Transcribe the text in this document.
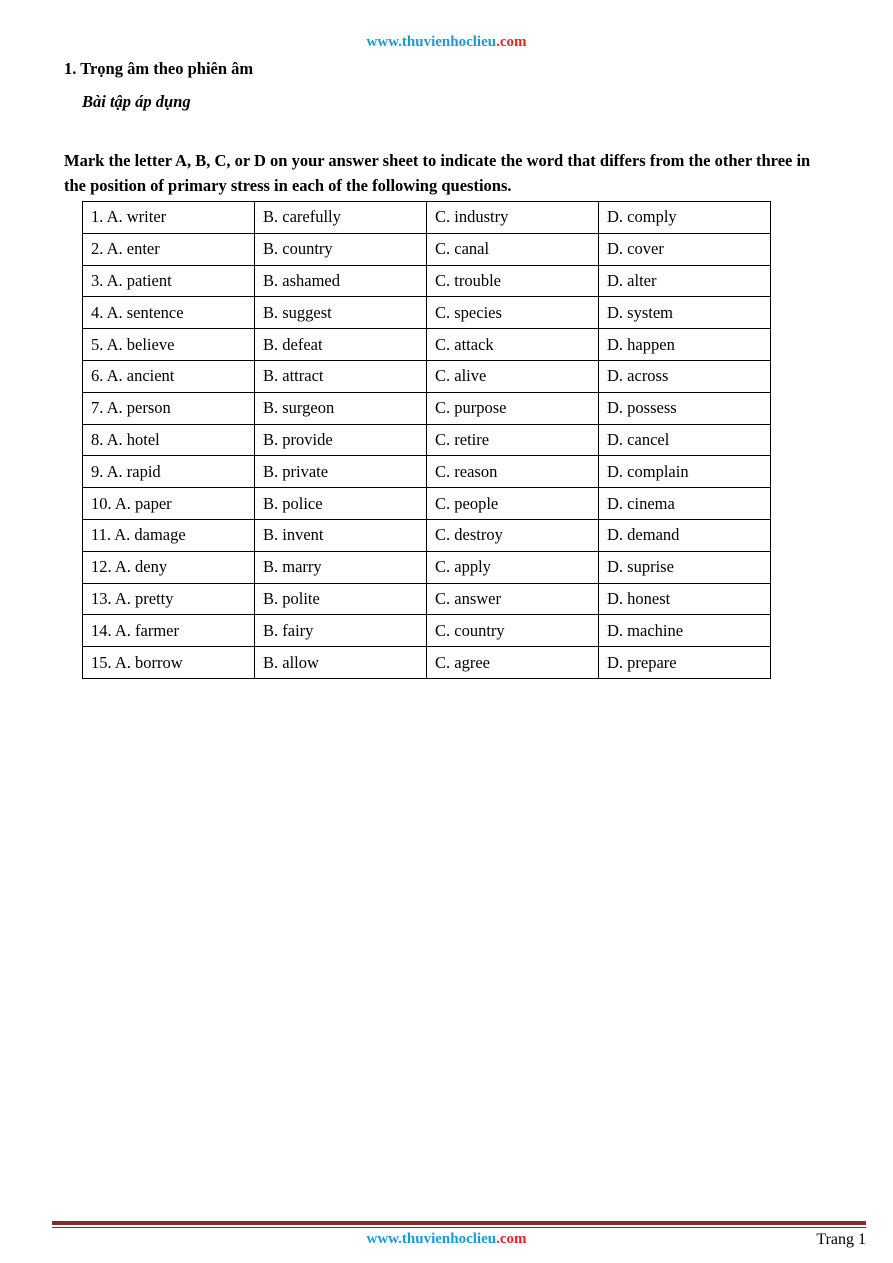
www.thuvienhoclieu.com
1. Trọng âm theo phiên âm
Bài tập áp dụng
Mark the letter A, B, C, or D on your answer sheet to indicate the word that differs from the other three in the position of primary stress in each of the following questions.
1. A. writer	B. carefully	C. industry	D. comply
2. A. enter	B. country	C. canal	D. cover
3. A. patient	B. ashamed	C. trouble	D. alter
4. A. sentence	B. suggest	C. species	D. system
5. A. believe	B. defeat	C. attack	D. happen
6. A. ancient	B. attract	C. alive	D. across
7. A. person	B. surgeon	C. purpose	D. possess
8. A. hotel	B. provide	C. retire	D. cancel
9. A. rapid	B. private	C. reason	D. complain
10. A. paper	B. police	C. people	D. cinema
11. A. damage	B. invent	C. destroy	D. demand
12. A. deny	B. marry	C. apply	D. suprise
13. A. pretty	B. polite	C. answer	D. honest
14. A. farmer	B. fairy	C. country	D. machine
15. A. borrow	B. allow	C. agree	D. prepare
www.thuvienhoclieu.com	Trang 1
